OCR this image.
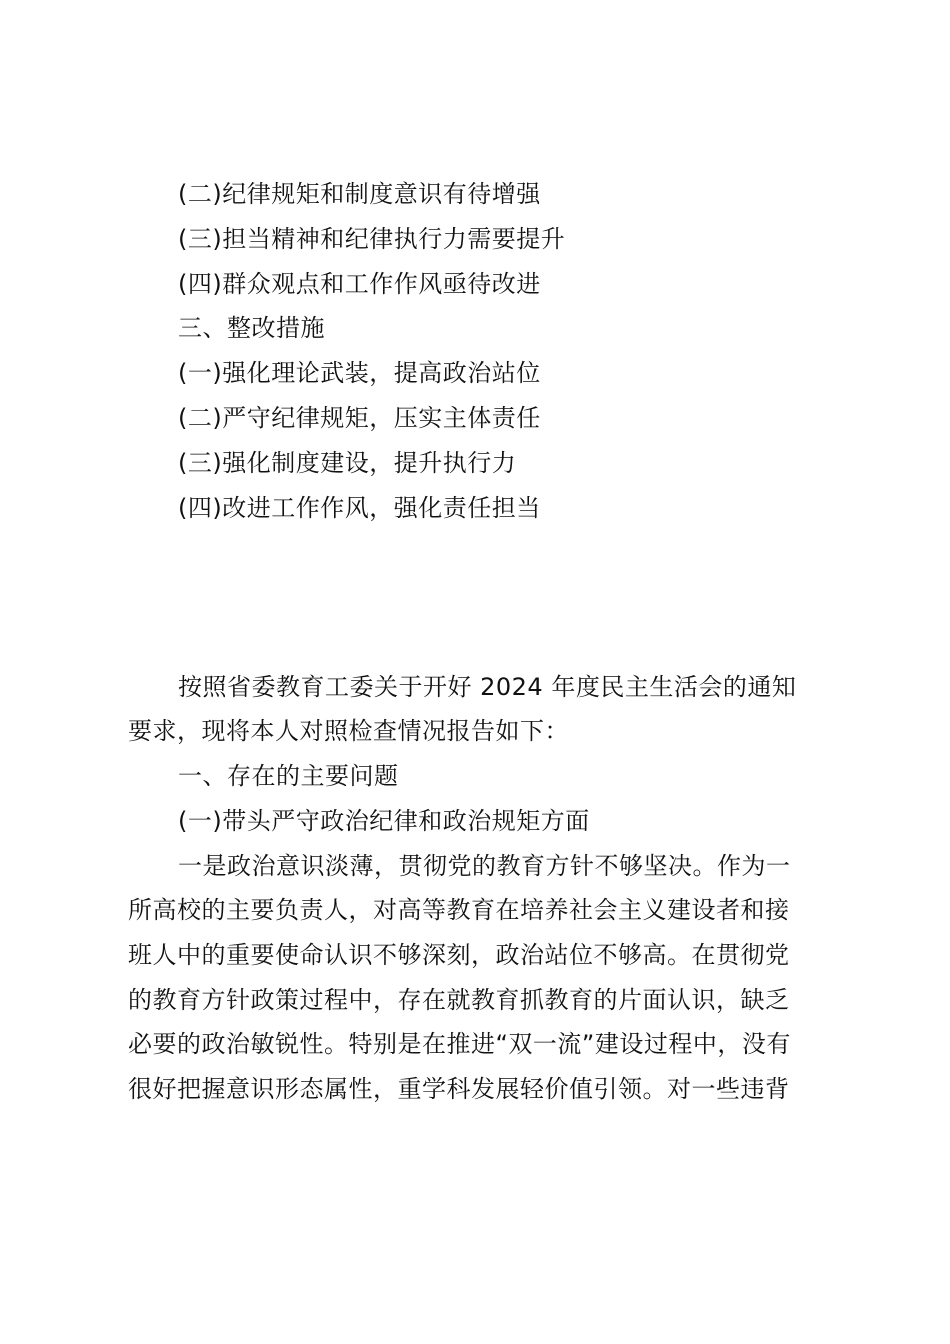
(二)纪律规矩和制度意识有待增强
(三)担当精神和纪律执行力需要提升
(四)群众观点和工作作风亟待改进
三、整改措施
(一)强化理论武装，提高政治站位
(二)严守纪律规矩，压实主体责任
(三)强化制度建设，提升执行力
(四)改进工作作风，强化责任担当
按照省委教育工委关于开好 2024 年度民主生活会的通知
要求，现将本人对照检查情况报告如下：
一、存在的主要问题
(一)带头严守政治纪律和政治规矩方面
一是政治意识淡薄，贯彻党的教育方针不够坚决。作为一
所高校的主要负责人，对高等教育在培养社会主义建设者和接
班人中的重要使命认识不够深刻，政治站位不够高。在贯彻党
的教育方针政策过程中，存在就教育抓教育的片面认识，缺乏
必要的政治敏锐性。特别是在推进“双一流”建设过程中，没有
很好把握意识形态属性，重学科发展轻价值引领。对一些违背
